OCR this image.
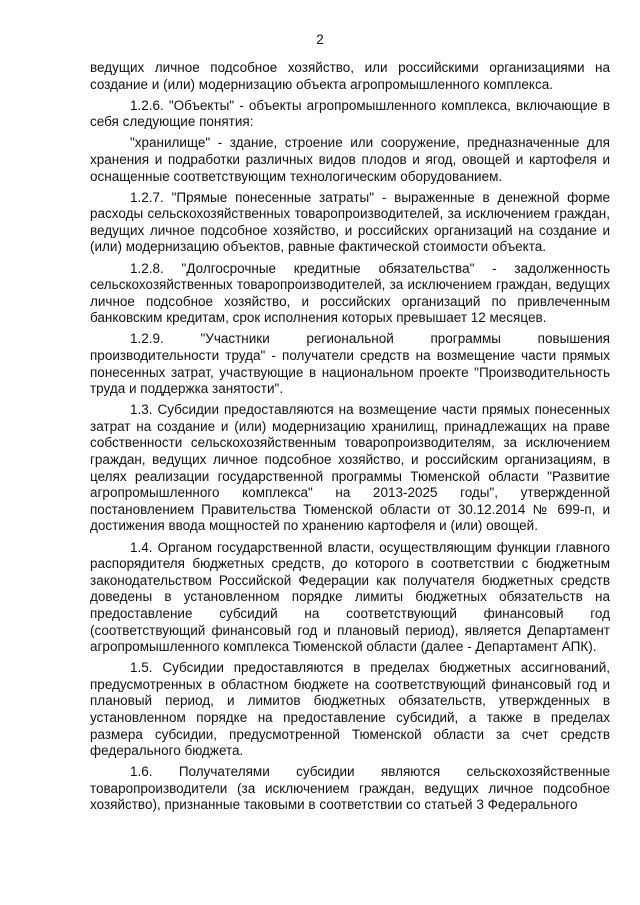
2

ведущих личное подсобное хозяйство, или российскими организациями на создание и (или) модернизацию объекта агропромышленного комплекса.

1.2.6. "Объекты" - объекты агропромышленного комплекса, включающие в себя следующие понятия:

"хранилище" - здание, строение или сооружение, предназначенные для хранения и подработки различных видов плодов и ягод, овощей и картофеля и оснащенные соответствующим технологическим оборудованием.

1.2.7. "Прямые понесенные затраты" - выраженные в денежной форме расходы сельскохозяйственных товаропроизводителей, за исключением граждан, ведущих личное подсобное хозяйство, и российских организаций на создание и (или) модернизацию объектов, равные фактической стоимости объекта.

1.2.8. "Долгосрочные кредитные обязательства" - задолженность сельскохозяйственных товаропроизводителей, за исключением граждан, ведущих личное подсобное хозяйство, и российских организаций по привлеченным банковским кредитам, срок исполнения которых превышает 12 месяцев.

1.2.9. "Участники региональной программы повышения производительности труда" - получатели средств на возмещение части прямых понесенных затрат, участвующие в национальном проекте "Производительность труда и поддержка занятости".

1.3. Субсидии предоставляются на возмещение части прямых понесенных затрат на создание и (или) модернизацию хранилищ, принадлежащих на праве собственности сельскохозяйственным товаропроизводителям, за исключением граждан, ведущих личное подсобное хозяйство, и российским организациям, в целях реализации государственной программы Тюменской области "Развитие агропромышленного комплекса" на 2013-2025 годы", утвержденной постановлением Правительства Тюменской области от 30.12.2014 № 699-п, и достижения ввода мощностей по хранению картофеля и (или) овощей.

1.4. Органом государственной власти, осуществляющим функции главного распорядителя бюджетных средств, до которого в соответствии с бюджетным законодательством Российской Федерации как получателя бюджетных средств доведены в установленном порядке лимиты бюджетных обязательств на предоставление субсидий на соответствующий финансовый год (соответствующий финансовый год и плановый период), является Департамент агропромышленного комплекса Тюменской области (далее - Департамент АПК).

1.5. Субсидии предоставляются в пределах бюджетных ассигнований, предусмотренных в областном бюджете на соответствующий финансовый год и плановый период, и лимитов бюджетных обязательств, утвержденных в установленном порядке на предоставление субсидий, а также в пределах размера субсидии, предусмотренной Тюменской области за счет средств федерального бюджета.

1.6. Получателями субсидии являются сельскохозяйственные товаропроизводители (за исключением граждан, ведущих личное подсобное хозяйство), признанные таковыми в соответствии со статьей 3 Федерального
